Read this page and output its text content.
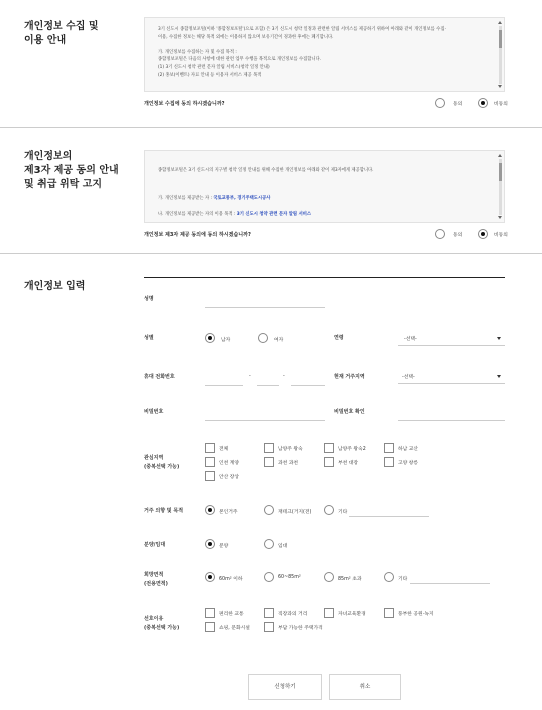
개인정보 수집 및
이용 안내
3기 신도시 종합정보포털(이하 '종합정보포털')으로 포함) 은 3기 신도시 청약 일정과 관련한 알림 서비스를 제공하기 위하여 아래와 같이 개인정보를 수집·
이용, 수집한 정보는 해당 목적 외에는 이용하지 않으며 보유기간이 경과한 후에는 폐기합니다.

가. 개인정보를 수집하는 자 및 수집 목적 :
종합정보포털은 다음의 사항에 대한 관련 업무 수행을 목적으로 개인정보를 수집합니다.
(1) 3기 신도시 청약 관련 문자 알림 서비스(청약 일정 안내)
(2) 홍보(이벤트) 자료 안내 등 이용자 서비스 제공 목적
개인정보 수집에 동의 하시겠습니까?	동의	비동의
개인정보의
제3자 제공 동의 안내
및 취급 위탁 고지

종합정보포털은 3기 신도시의 지구별 청약 일정 안내를 위해 수집한 개인정보를 아래와 같이 제3자에게 제공합니다.

가. 개인정보를 제공받는 자 : 국토교통부, 경기주택도시공사

나. 개인정보를 제공받는 자의 이용 목적 : 3기 신도시 청약 관련 문자 알림 서비스

개인정보 제3자 제공 동의에 동의 하시겠습니까?	동의	비동의
개인정보 입력
성명
성별	남자	여자	연령	-선택-
휴대 전화번호	-	-	현재 거주지역	-선택-
비밀번호	비밀번호 확인
관심지역
(중복선택 가능)
전체	남양주 왕숙	남양주 왕숙2	하남 교산
인천 계양	과천 과천	부천 대장	고양 창릉
안산 장상
거주 의향 및 목적	본인거주	재테크(거지(전)	기타
분양/임대	분양	임대
희망면적
(전용면적)
60m² 이하	60~85m²	85m² 초과	기타
선호이유
(중복선택 가능)
편리한 교통	직장과의 거리	자녀교육환경	풍부한 공원·녹지
쇼핑, 문화시설	부담 가능한 주택가격
신청하기	취소
